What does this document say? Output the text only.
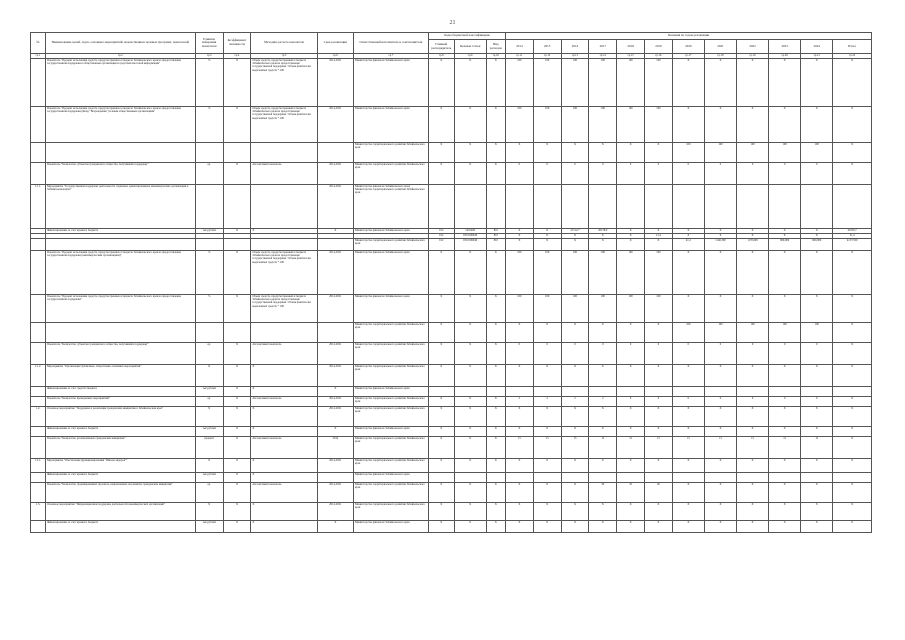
21
№	Наименование целей, задач, основных мероприятий, ведомственных целевых программ, показателей	Единица измерения показателя	Коэффициент значимости	Методика расчета показателя	Срок реализации	Ответственный исполнитель и соисполнители	Коды бюджетной классификации			Значения по годам реализации											
							Главный распорядитель	Целевая статья	Вид расходов	2014	2015	2016	2017	2018	2019	2020	2021	2022	2023	2024	Итого
гр.1	гр.2	гр.3	гр.4	гр.5	гр.6	гр.7	гр.8	гр.9	гр.10	гр.11	гр.12	гр.13	гр.14	гр.15	гр.16	гр.17	гр.18	гр.19	гр.20	гр.21	гр.22
	Показатель "Процент исполнения средств, предусмотренных в бюджете Забайкальского края на предоставление государственной поддержки в общественные организации и средствам массовой информации"	%	Х	Объем средств, предусмотренный в бюджете Забайкальского края на предоставление государственной поддержки / Объем фактически выделенных средств * 100	2014-2021	Министерство финансов Забайкальского края	Х	Х	Х	100	100	100	100	100	100	Х	Х	Х	Х	Х	Х
	Показатель "Процент исполнения средств, предусмотренных в бюджете Забайкальского края на предоставление государственной поддержки (Фонд "Возрождение") и иным общественным организациям"	%	Х	Объем средств, предусмотренный в бюджете Забайкальского края на предоставление государственной поддержки / Объем фактически выделенных средств * 100	2014-2021	Министерство финансов Забайкальского края	Х	Х	Х	100	100	100	100	100	100	Х	Х	Х	Х	Х	Х
						Министерство территориального развития Забайкальского края	Х	Х	Х	Х	Х	Х	Х	Х	Х	100	100	100	100	100	Х
	Показатель "Количество субъектов гражданского общества, получивших поддержку"	ед.	Х	Абсолютный показатель	2014-2021	Министерство территориального развития Забайкальского края	Х	Х	Х	0	0	0	0	0	0	0	0	0	0	0	Х
1.1.1.	Мероприятие "Государственная поддержка деятельности социально ориентированных некоммерческих организаций в Забайкальском крае"				2014-2021	Министерство финансов Забайкальского края; Министерство территориального развития Забайкальского края															
	Финансирование за счет краевого бюджета	тыс.рублей	Х	Х	Х	Министерство финансов Забайкальского края	012	1410406	810	Х	Х	21512,7	20138,0	Х	Х	Х	Х	Х	Х	Х	41650,7
							012	0310106040	810	Х	Х	Х	Х	Х	21,4	Х	Х	Х	Х	Х	21,4
						Министерство территориального развития Забайкальского края	012	0310106040	810	Х	Х	Х	Х	Х	Х	41,2	1146,300	1170,000	900,000	900,000	4157,500
	Показатель "Процент исполнения средств, предусмотренных в бюджете Забайкальского края на предоставление государственной поддержки (некоммерческим организациям)"	%	Х	Объем средств, предусмотренный в бюджете Забайкальского края на предоставление государственной поддержки / Объем фактически выделенных средств * 100	2014-2021	Министерство финансов Забайкальского края	Х	Х	Х	100	100	100	100	100	100	Х	Х	Х	Х	Х	Х
	Показатель "Процент исполнения средств, предусмотренных в бюджете Забайкальского края на предоставление государственной поддержки"	%	Х	Объем средств, предусмотренный в бюджете Забайкальского края на предоставление государственной поддержки / Объем фактически выделенных средств * 100	2014-2021	Министерство финансов Забайкальского края	Х	Х	Х	100	100	100	100	100	100	Х	Х	Х	Х	Х	Х
						Министерство территориального развития Забайкальского края	Х	Х	Х	Х	Х	Х	Х	Х	Х	100	100	100	100	100	Х
	Показатель "Количество субъектов гражданского общества, получивших поддержку"	ед.	Х	Абсолютный показатель	2014-2021	Министерство территориального развития Забайкальского края	Х	Х	Х	0	0	0	0	0	0	0	0	0	0	0	Х
1.1.2.	Мероприятие "Организация публичных, общественно значимых мероприятий"	Х	Х	Х	2014-2021	Министерство территориального развития Забайкальского края	Х	Х	Х	Х	Х	Х	Х	Х	Х	Х	Х	Х	Х	Х	Х
	Финансирование за счет средств бюджета	тыс.рублей	Х	Х	Х	Министерство финансов Забайкальского края															
	Показатель "Количество проведенных мероприятий"	ед.	Х	Абсолютный показатель	2014-2021	Министерство территориального развития Забайкальского края	Х	Х	Х	2	2	2	2	0	0	0	0	0	0	0	Х
1.2.	Основное мероприятие "Поддержка и реализация гражданских инициатив в Забайкальском крае"	Х	Х	Х	2014-2021	Министерство территориального развития Забайкальского края	Х	Х	Х	Х	Х	Х	Х	Х	Х	Х	Х	Х	Х	Х	Х
	Финансирование за счет краевого бюджета	тыс.рублей	Х	Х	Х	Министерство финансов Забайкальского края	Х	Х	Х	Х	Х	Х	Х	Х	Х	Х	Х	Х	Х	Х	Х
	Показатель "Количество реализованных гражданских инициатив"	процент	Х	Абсолютный показатель	2014	Министерство территориального развития Забайкальского края	Х	Х	Х	15	15	15	15	15	15	15	15	15	15	15	Х
1.2.1.	Мероприятие "Обеспечение функционирования "Школы лидеров""	Х	Х	Х	2014-2021	Министерство территориального развития Забайкальского края	Х	Х	Х	Х	Х	Х	Х	Х	Х	Х	Х	Х	Х	Х	Х
	Финансирование за счет краевого бюджета	тыс.рублей	Х	Х		Министерство финансов Забайкальского края															
	Показатель "Количество сформированных проектов, направленных на развитие гражданских инициатив"	ед.	Х	Абсолютный показатель	2014-2021	Министерство территориального развития Забайкальского края	Х	Х	Х	Х	Х	Х	30	35	40	Х	Х	Х	Х	Х	Х
1.3.	Основное мероприятие "Информационная поддержка деятельности некоммерческих организаций"	Х	Х	Х	2014-2021	Министерство территориального развития Забайкальского края	Х	Х	Х	Х	Х	Х	Х	Х	Х	Х	Х	Х	Х	Х	Х
	Финансирование за счет краевого бюджета	тыс.рублей	Х	Х	Х	Министерство финансов Забайкальского края	Х	Х	Х	Х	Х	Х	Х	Х	Х	Х	Х	Х	Х	Х	Х
